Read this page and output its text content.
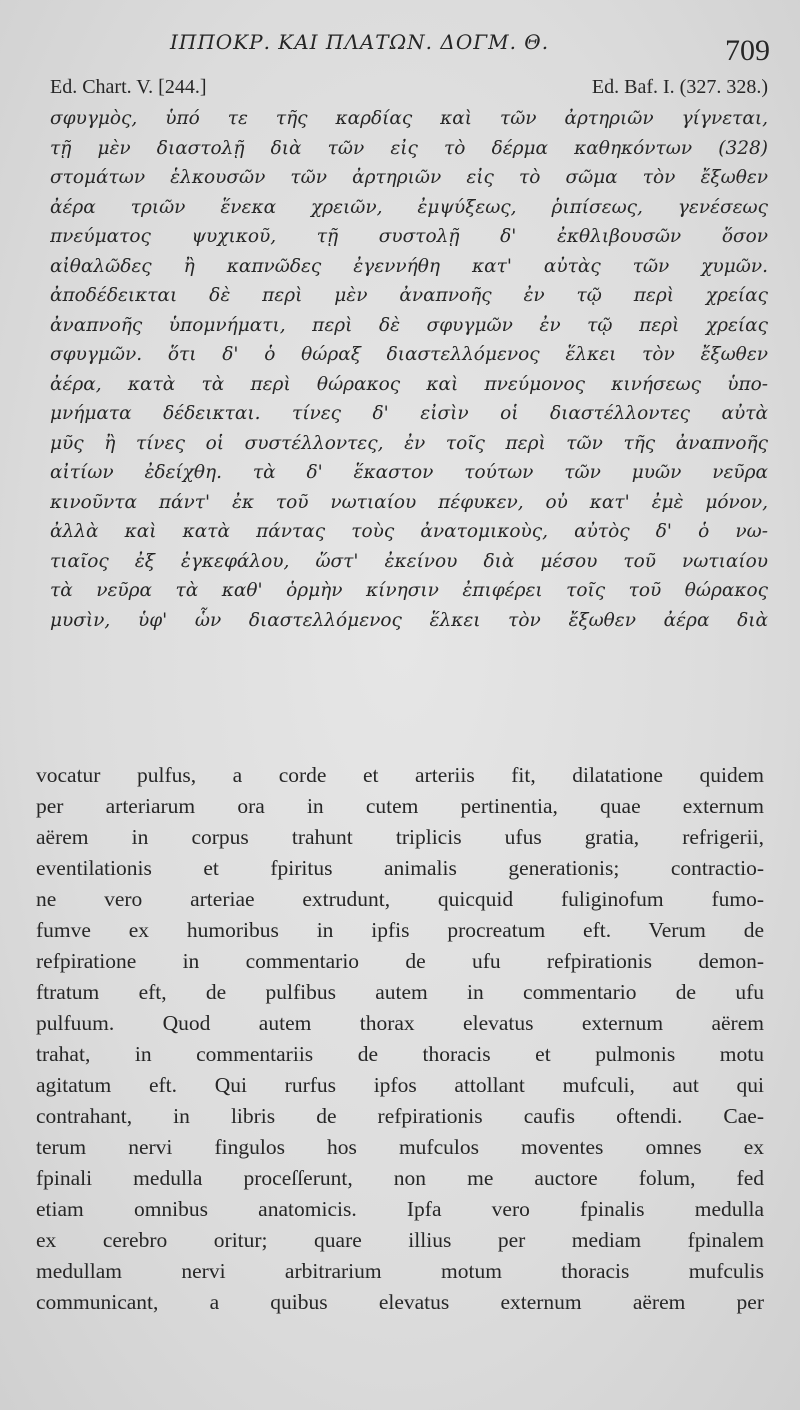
ΙΠΠΟΚΡ. ΚΑΙ ΠΛΑΤΩΝ. ΔΟΓΜ. Θ.	709
Ed. Chart. V. [244.]	Ed. Baf. I. (327. 328.)
σφυγμὸς, ὑπό τε τῆς καρδίας καὶ τῶν ἀρτηριῶν γίγνεται,
τῇ μὲν διαστολῇ διὰ τῶν εἰς τὸ δέρμα καθηκόντων (328)
στομάτων ἑλκουσῶν τῶν ἀρτηριῶν εἰς τὸ σῶμα τὸν ἔξωθεν
ἀέρα τριῶν ἕνεκα χρειῶν, ἐμψύξεως, ῥιπίσεως, γενέσεως
πνεύματος ψυχικοῦ, τῇ συστολῇ δ' ἐκθλιβουσῶν ὅσον
αἰθαλῶδες ἢ καπνῶδες ἐγεννήθη κατ' αὐτὰς τῶν χυμῶν.
ἀποδέδεικται δὲ περὶ μὲν ἀναπνοῆς ἐν τῷ περὶ χρείας
ἀναπνοῆς ὑπομνήματι, περὶ δὲ σφυγμῶν ἐν τῷ περὶ χρείας
σφυγμῶν. ὅτι δ' ὁ θώραξ διαστελλόμενος ἕλκει τὸν ἔξωθεν
ἀέρα, κατὰ τὰ περὶ θώρακος καὶ πνεύμονος κινήσεως ὑπο-
μνήματα δέδεικται. τίνες δ' εἰσὶν οἱ διαστέλλοντες αὐτὰ
μῦς ἢ τίνες οἱ συστέλλοντες, ἐν τοῖς περὶ τῶν τῆς ἀναπνοῆς
αἰτίων ἐδείχθη. τὰ δ' ἕκαστον τούτων τῶν μυῶν νεῦρα
κινοῦντα πάντ' ἐκ τοῦ νωτιαίου πέφυκεν, οὐ κατ' ἐμὲ μόνον,
ἀλλὰ καὶ κατὰ πάντας τοὺς ἀνατομικοὺς, αὐτὸς δ' ὁ νω-
τιαῖος ἐξ ἐγκεφάλου, ὥστ' ἐκείνου διὰ μέσου τοῦ νωτιαίου
τὰ νεῦρα τὰ καθ' ὁρμὴν κίνησιν ἐπιφέρει τοῖς τοῦ θώρακος
μυσὶν, ὑφ' ὧν διαστελλόμενος ἕλκει τὸν ἔξωθεν ἀέρα διὰ
vocatur pulfus, a corde et arteriis fit, dilatatione quidem
per arteriarum ora in cutem pertinentia, quae externum
aërem in corpus trahunt triplicis ufus gratia, refrigerii,
eventilationis et fpiritus animalis generationis; contractio-
ne vero arteriae extrudunt, quicquid fuliginofum fumo-
fumve ex humoribus in ipfis procreatum eft. Verum de
refpiratione in commentario de ufu refpirationis demon-
ftratum eft, de pulfibus autem in commentario de ufu
pulfuum. Quod autem thorax elevatus externum aërem
trahat, in commentariis de thoracis et pulmonis motu
agitatum eft. Qui rurfus ipfos attollant mufculi, aut qui
contrahant, in libris de refpirationis caufis oftendi. Cae-
terum nervi fingulos hos mufculos moventes omnes ex
fpinali medulla proceſſerunt, non me auctore folum, fed
etiam omnibus anatomicis. Ipfa vero fpinalis medulla
ex cerebro oritur; quare illius per mediam fpinalem
medullam nervi arbitrarium motum thoracis mufculis
communicant, a quibus elevatus externum aërem per
